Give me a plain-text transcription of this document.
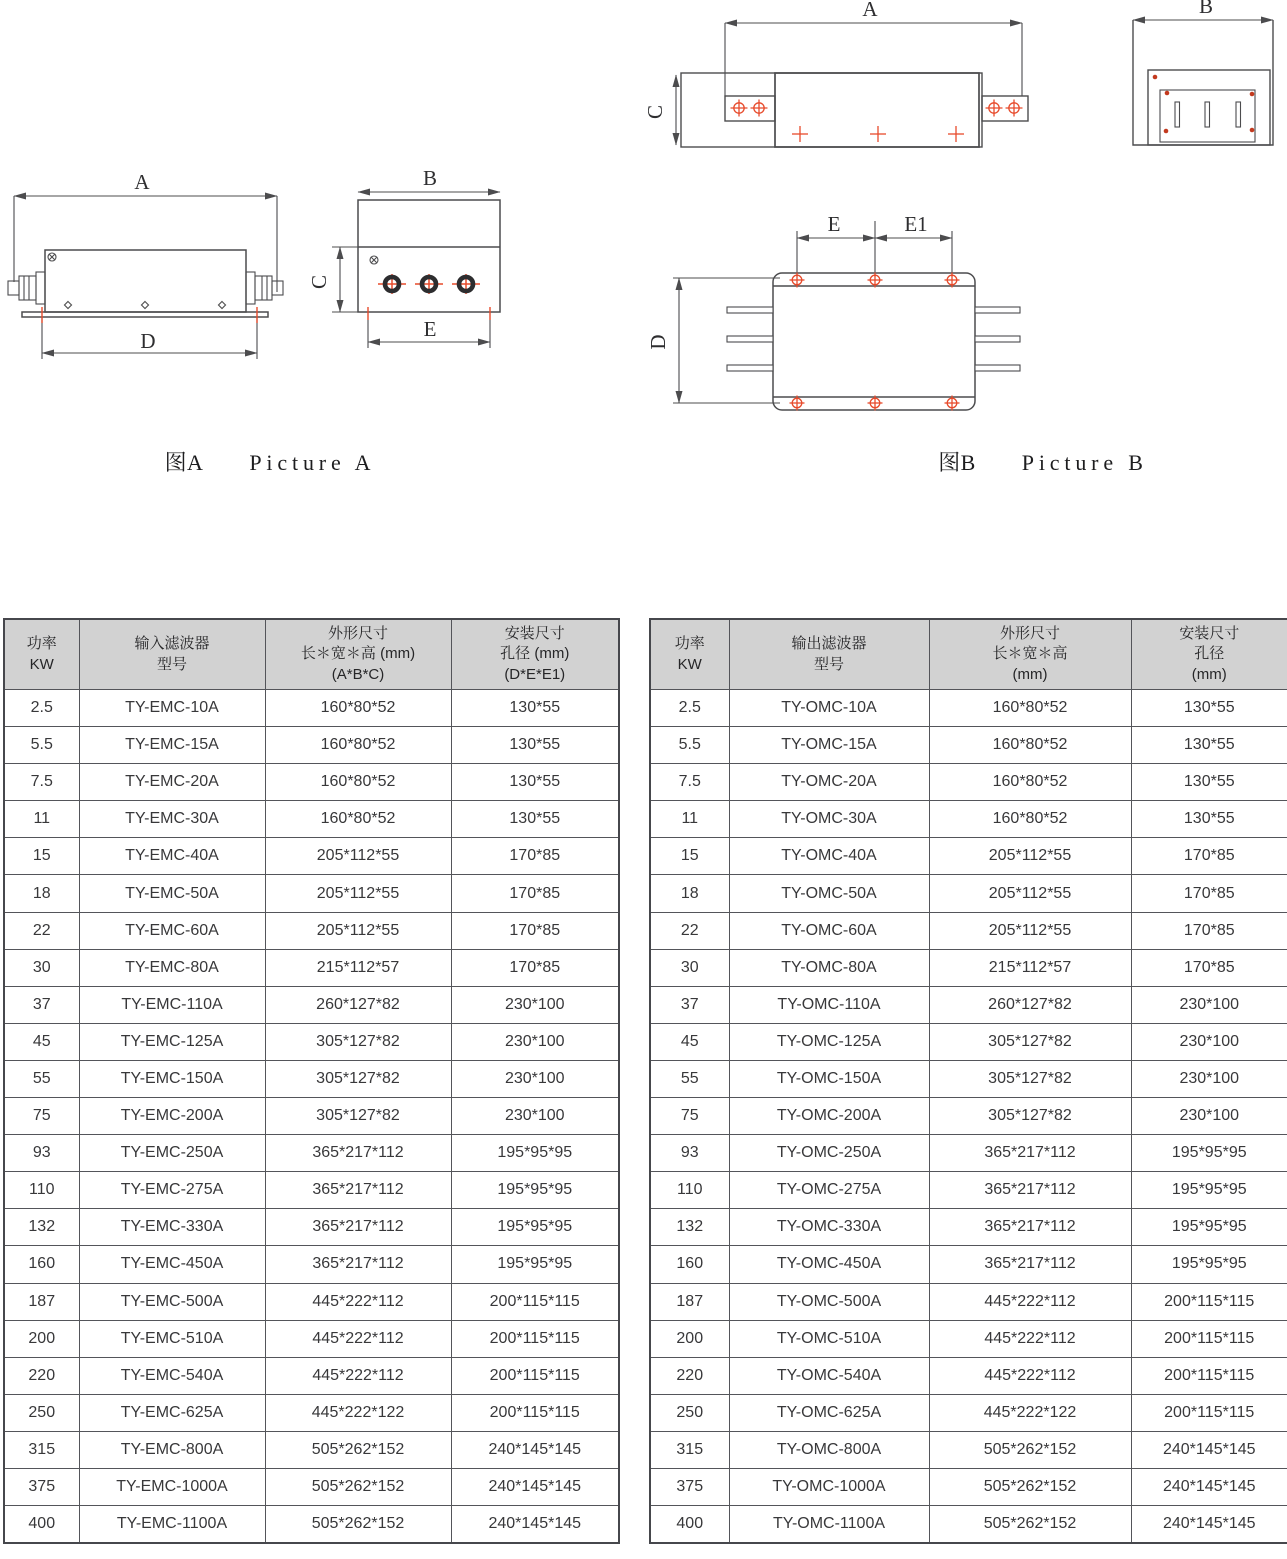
A
D
B
C
E
图A Picture A
A	B
C
E	E1
D
图B Picture B
功率
KW

输入滤波器
型号

外形尺寸
长＊宽＊高 (mm)
(A*B*C)

安装尺寸
孔径 (mm)
(D*E*E1)

2.5	TY-EMC-10A	160*80*52	130*55
5.5	TY-EMC-15A	160*80*52	130*55
7.5	TY-EMC-20A	160*80*52	130*55
11	TY-EMC-30A	160*80*52	130*55
15	TY-EMC-40A	205*112*55	170*85
18	TY-EMC-50A	205*112*55	170*85
22	TY-EMC-60A	205*112*55	170*85
30	TY-EMC-80A	215*112*57	170*85
37	TY-EMC-110A	260*127*82	230*100
45	TY-EMC-125A	305*127*82	230*100
55	TY-EMC-150A	305*127*82	230*100
75	TY-EMC-200A	305*127*82	230*100
93	TY-EMC-250A	365*217*112	195*95*95
110	TY-EMC-275A	365*217*112	195*95*95
132	TY-EMC-330A	365*217*112	195*95*95
160	TY-EMC-450A	365*217*112	195*95*95
187	TY-EMC-500A	445*222*112	200*115*115
200	TY-EMC-510A	445*222*112	200*115*115
220	TY-EMC-540A	445*222*112	200*115*115
250	TY-EMC-625A	445*222*122	200*115*115
315	TY-EMC-800A	505*262*152	240*145*145
375	TY-EMC-1000A	505*262*152	240*145*145
400	TY-EMC-1100A	505*262*152	240*145*145
功率
KW

输出滤波器
型号

外形尺寸
长＊宽＊高
(mm)

安装尺寸
孔径
(mm)

2.5	TY-OMC-10A	160*80*52	130*55
5.5	TY-OMC-15A	160*80*52	130*55
7.5	TY-OMC-20A	160*80*52	130*55
11	TY-OMC-30A	160*80*52	130*55
15	TY-OMC-40A	205*112*55	170*85
18	TY-OMC-50A	205*112*55	170*85
22	TY-OMC-60A	205*112*55	170*85
30	TY-OMC-80A	215*112*57	170*85
37	TY-OMC-110A	260*127*82	230*100
45	TY-OMC-125A	305*127*82	230*100
55	TY-OMC-150A	305*127*82	230*100
75	TY-OMC-200A	305*127*82	230*100
93	TY-OMC-250A	365*217*112	195*95*95
110	TY-OMC-275A	365*217*112	195*95*95
132	TY-OMC-330A	365*217*112	195*95*95
160	TY-OMC-450A	365*217*112	195*95*95
187	TY-OMC-500A	445*222*112	200*115*115
200	TY-OMC-510A	445*222*112	200*115*115
220	TY-OMC-540A	445*222*112	200*115*115
250	TY-OMC-625A	445*222*122	200*115*115
315	TY-OMC-800A	505*262*152	240*145*145
375	TY-OMC-1000A	505*262*152	240*145*145
400	TY-OMC-1100A	505*262*152	240*145*145
